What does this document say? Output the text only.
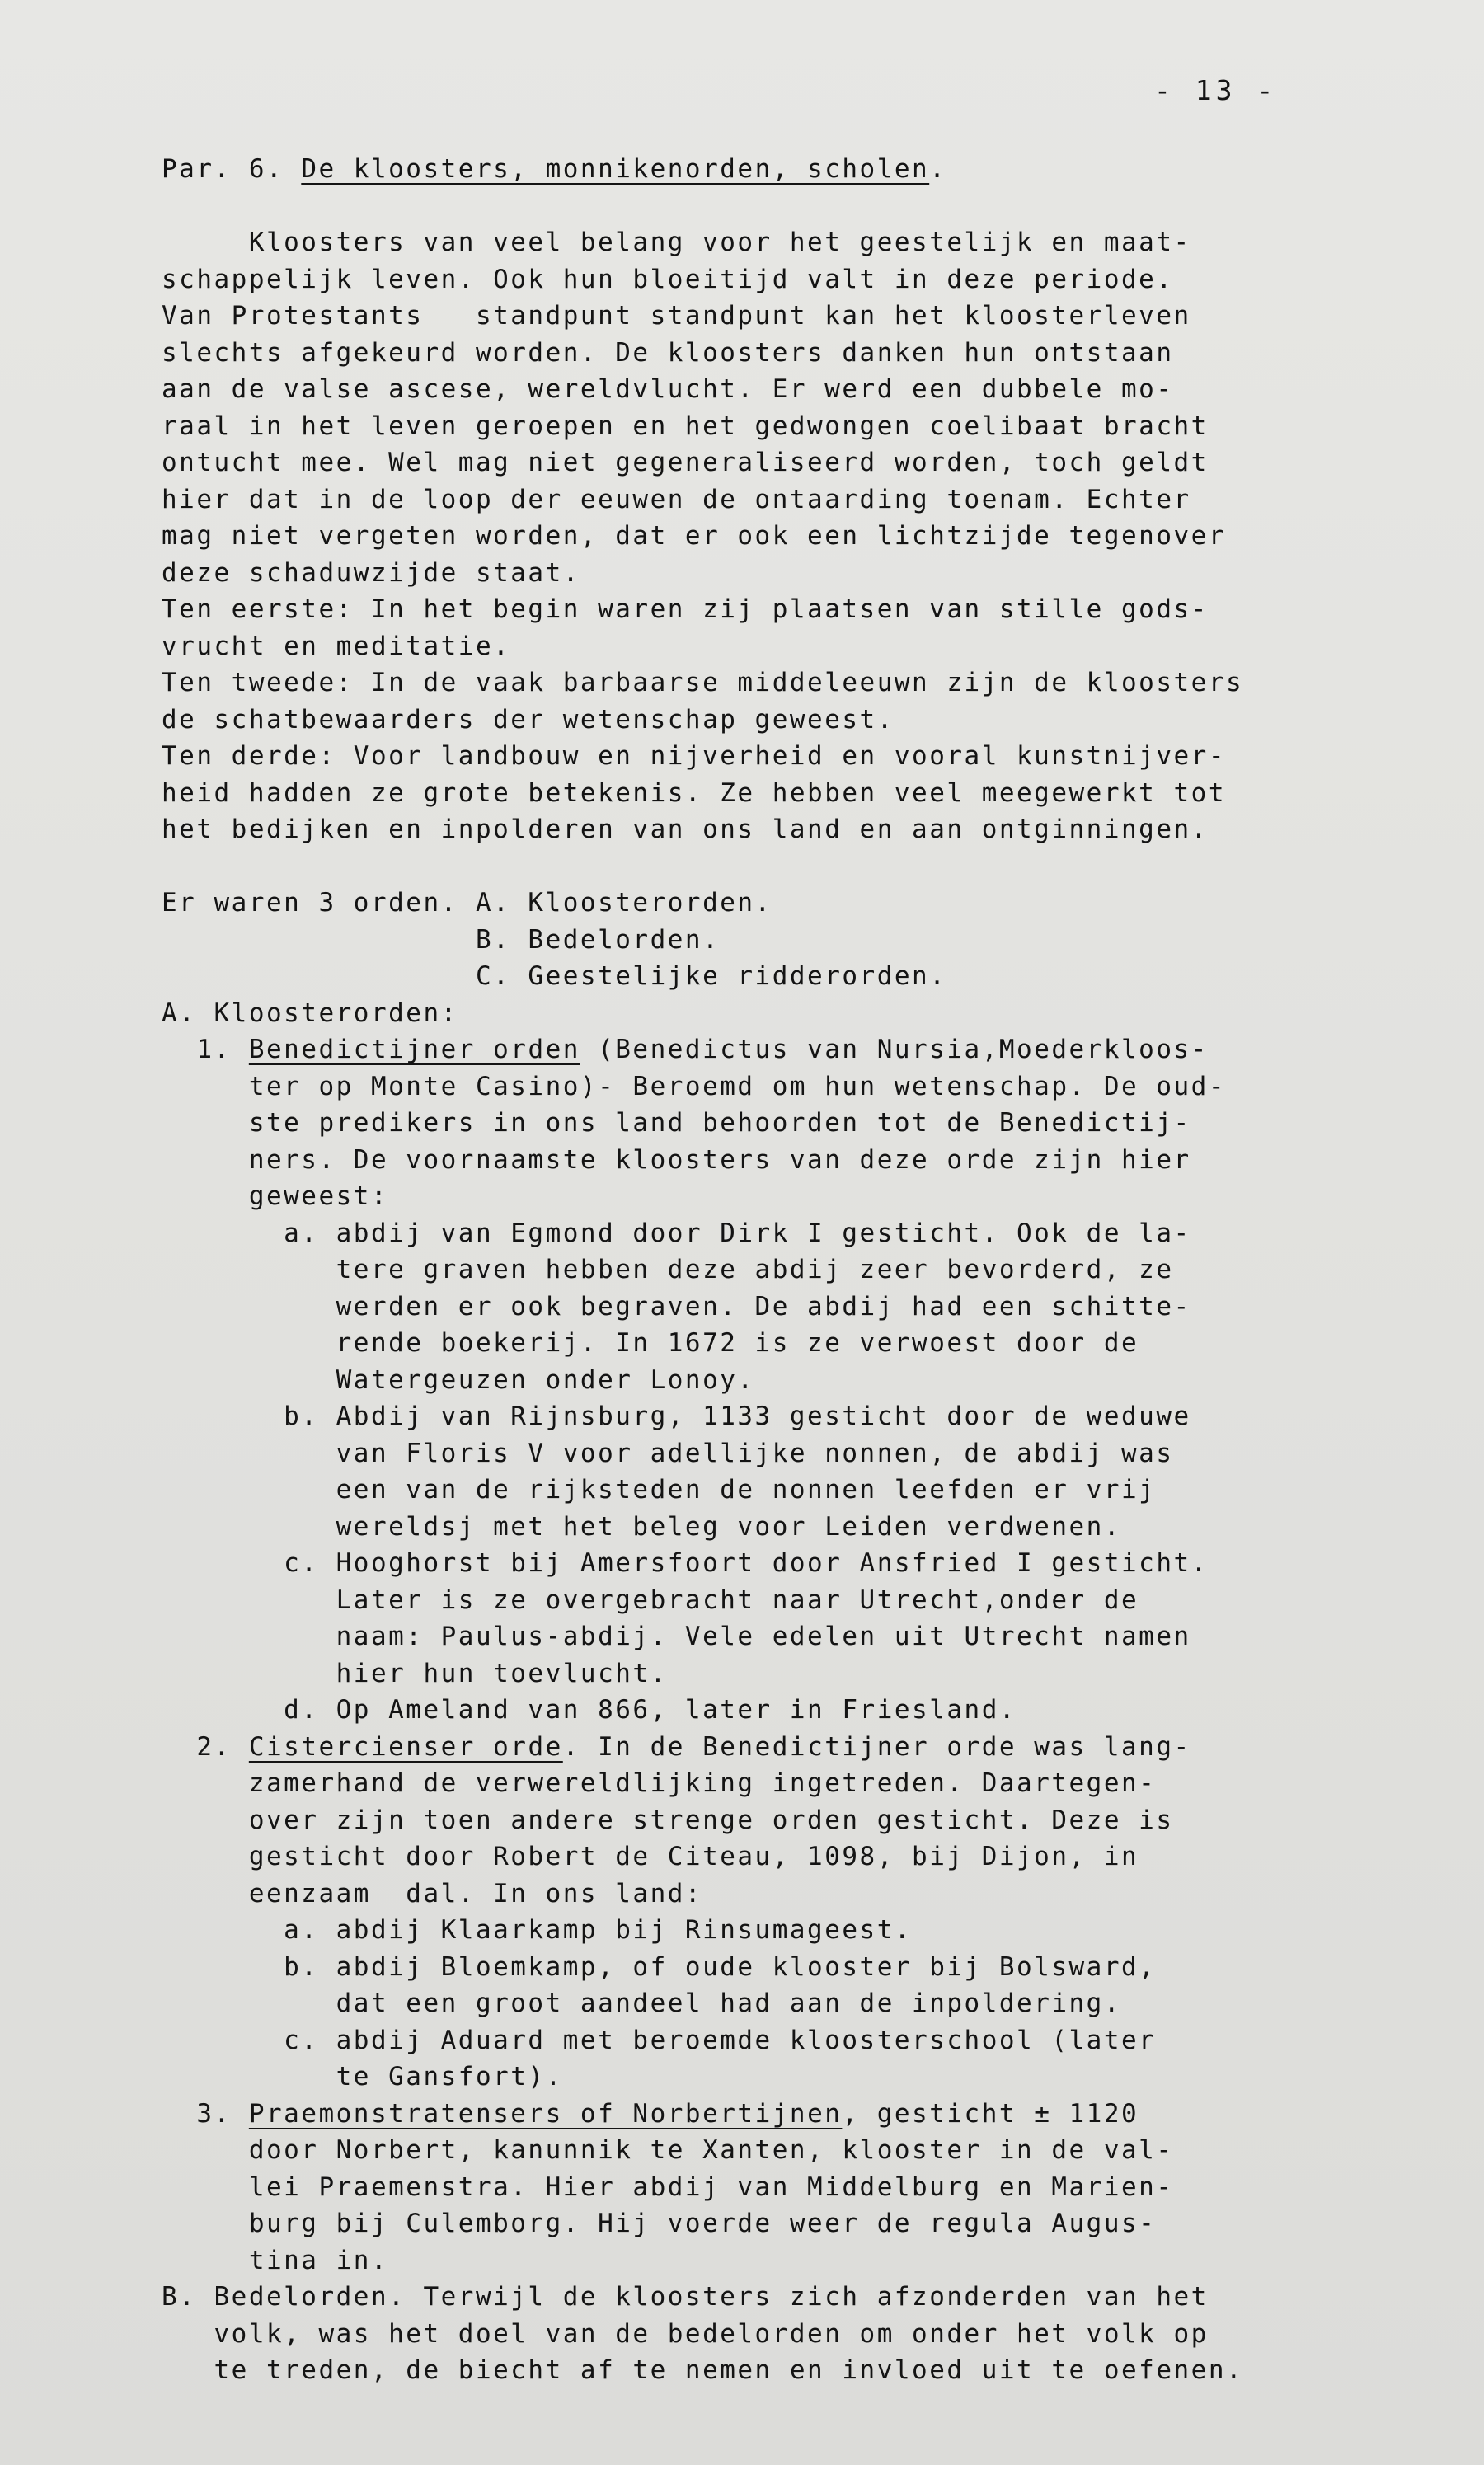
- 13 -
Par. 6. De kloosters, monnikenorden, scholen.
Kloosters van veel belang voor het geestelijk en maat-
schappelijk leven. Ook hun bloeitijd valt in deze periode.
Van Protestants   standpunt standpunt kan het kloosterleven
slechts afgekeurd worden. De kloosters danken hun ontstaan
aan de valse ascese, wereldvlucht. Er werd een dubbele mo-
raal in het leven geroepen en het gedwongen coelibaat bracht
ontucht mee. Wel mag niet gegeneraliseerd worden, toch geldt
hier dat in de loop der eeuwen de ontaarding toenam. Echter
mag niet vergeten worden, dat er ook een lichtzijde tegenover
deze schaduwzijde staat.
Ten eerste: In het begin waren zij plaatsen van stille gods-
vrucht en meditatie.
Ten tweede: In de vaak barbaarse middeleeuwn zijn de kloosters
de schatbewaarders der wetenschap geweest.
Ten derde: Voor landbouw en nijverheid en vooral kunstnijver-
heid hadden ze grote betekenis. Ze hebben veel meegewerkt tot
het bedijken en inpolderen van ons land en aan ontginningen.
Er waren 3 orden. A. Kloosterorden.
B. Bedelorden.
C. Geestelijke ridderorden.
A. Kloosterorden:
1. Benedictijner orden (Benedictus van Nursia,Moederkloos-
ter op Monte Casino)- Beroemd om hun wetenschap. De oud-
ste predikers in ons land behoorden tot de Benedictij-
ners. De voornaamste kloosters van deze orde zijn hier
geweest:
a. abdij van Egmond door Dirk I gesticht. Ook de la-
tere graven hebben deze abdij zeer bevorderd, ze
werden er ook begraven. De abdij had een schitte-
rende boekerij. In 1672 is ze verwoest door de
Watergeuzen onder Lonoy.
b. Abdij van Rijnsburg, 1133 gesticht door de weduwe
van Floris V voor adellijke nonnen, de abdij was
een van de rijksteden de nonnen leefden er vrij
wereldsj met het beleg voor Leiden verdwenen.
c. Hooghorst bij Amersfoort door Ansfried I gesticht.
Later is ze overgebracht naar Utrecht,onder de
naam: Paulus-abdij. Vele edelen uit Utrecht namen
hier hun toevlucht.
d. Op Ameland van 866, later in Friesland.
2. Cistercienser orde. In de Benedictijner orde was lang-
zamerhand de verwereldlijking ingetreden. Daartegen-
over zijn toen andere strenge orden gesticht. Deze is
gesticht door Robert de Citeau, 1098, bij Dijon, in
eenzaam  dal. In ons land:
a. abdij Klaarkamp bij Rinsumageest.
b. abdij Bloemkamp, of oude klooster bij Bolsward,
dat een groot aandeel had aan de inpoldering.
c. abdij Aduard met beroemde kloosterschool (later
te Gansfort).
3. Praemonstratensers of Norbertijnen, gesticht ± 1120
door Norbert, kanunnik te Xanten, klooster in de val-
lei Praemenstra. Hier abdij van Middelburg en Marien-
burg bij Culemborg. Hij voerde weer de regula Augus-
tina in.
B. Bedelorden. Terwijl de kloosters zich afzonderden van het
volk, was het doel van de bedelorden om onder het volk op
te treden, de biecht af te nemen en invloed uit te oefenen.
